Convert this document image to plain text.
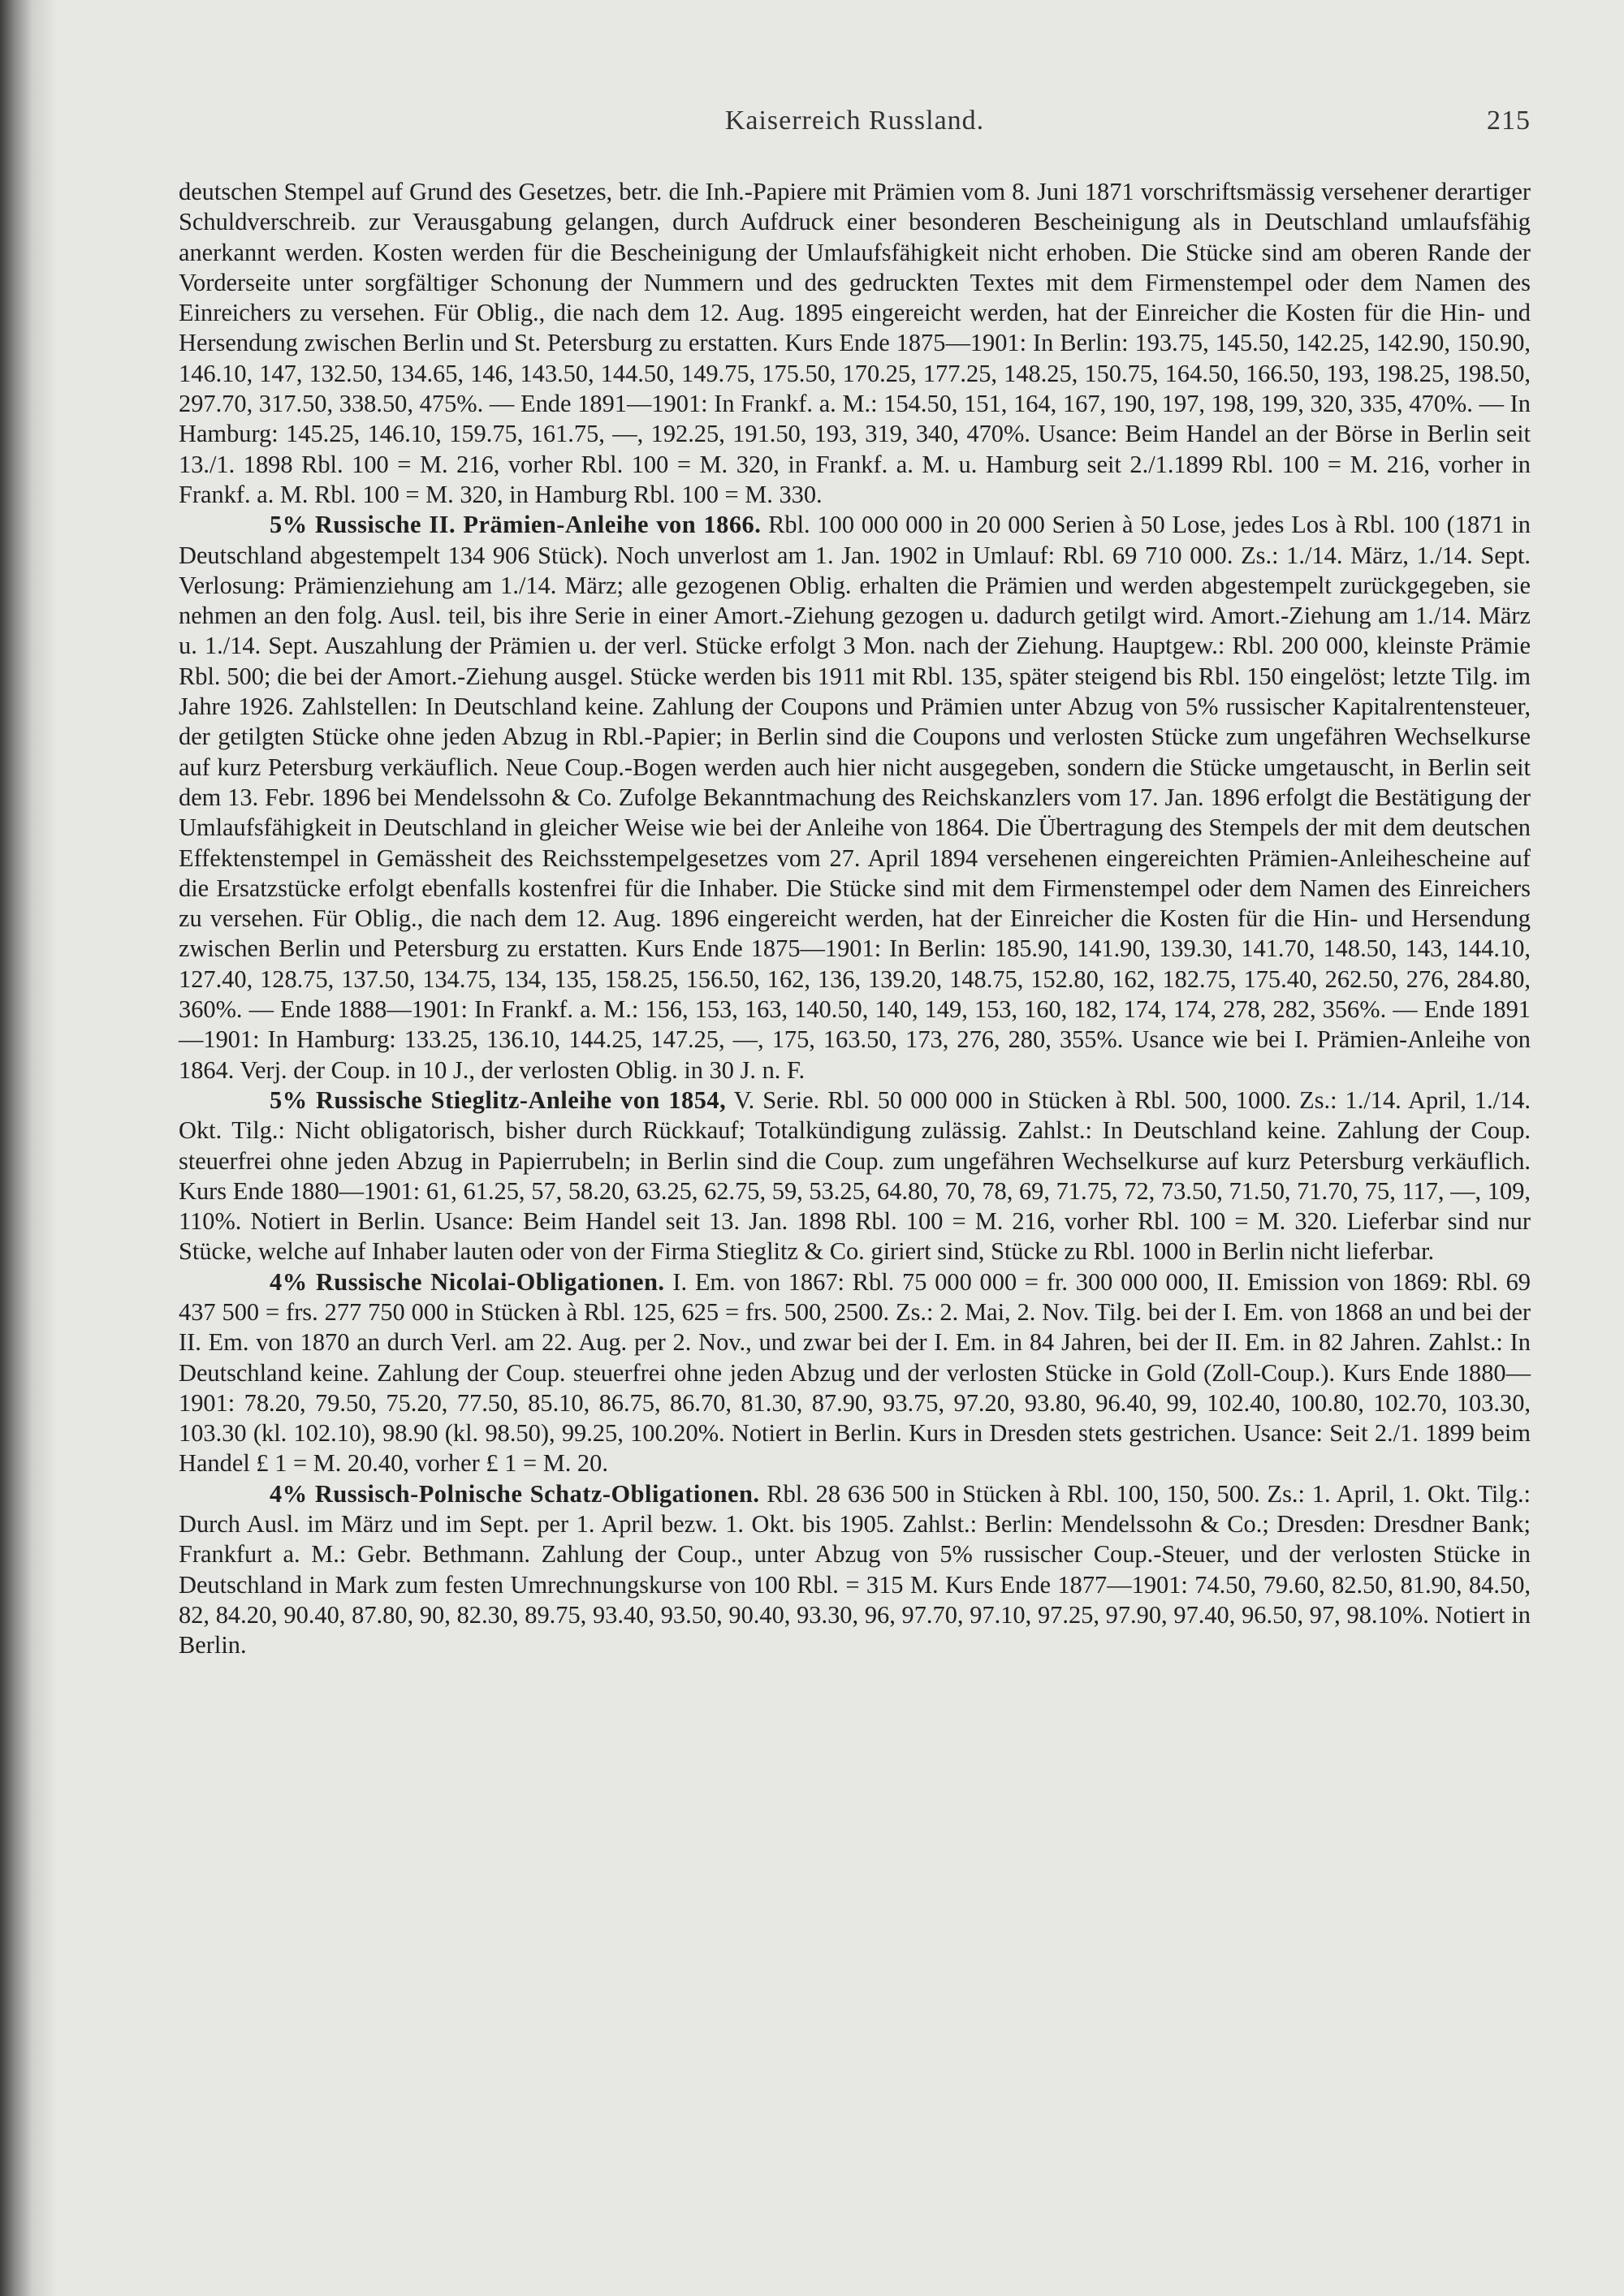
Kaiserreich Russland.	215

deutschen Stempel auf Grund des Gesetzes, betr. die Inh.-Papiere mit Prämien vom 8. Juni 1871 vorschriftsmässig versehener derartiger Schuldverschreib. zur Verausgabung gelangen, durch Aufdruck einer besonderen Bescheinigung als in Deutschland umlaufsfähig anerkannt werden. Kosten werden für die Bescheinigung der Umlaufsfähigkeit nicht erhoben. Die Stücke sind am oberen Rande der Vorderseite unter sorgfältiger Schonung der Nummern und des gedruckten Textes mit dem Firmenstempel oder dem Namen des Einreichers zu versehen. Für Oblig., die nach dem 12. Aug. 1895 eingereicht werden, hat der Einreicher die Kosten für die Hin- und Hersendung zwischen Berlin und St. Petersburg zu erstatten. Kurs Ende 1875—1901: In Berlin: 193.75, 145.50, 142.25, 142.90, 150.90, 146.10, 147, 132.50, 134.65, 146, 143.50, 144.50, 149.75, 175.50, 170.25, 177.25, 148.25, 150.75, 164.50, 166.50, 193, 198.25, 198.50, 297.70, 317.50, 338.50, 475%. — Ende 1891—1901: In Frankf. a. M.: 154.50, 151, 164, 167, 190, 197, 198, 199, 320, 335, 470%. — In Hamburg: 145.25, 146.10, 159.75, 161.75, —, 192.25, 191.50, 193, 319, 340, 470%. Usance: Beim Handel an der Börse in Berlin seit 13./1. 1898 Rbl. 100 = M. 216, vorher Rbl. 100 = M. 320, in Frankf. a. M. u. Hamburg seit 2./1.1899 Rbl. 100 = M. 216, vorher in Frankf. a. M. Rbl. 100 = M. 320, in Hamburg Rbl. 100 = M. 330.

5% Russische II. Prämien-Anleihe von 1866. Rbl. 100 000 000 in 20 000 Serien à 50 Lose, jedes Los à Rbl. 100 (1871 in Deutschland abgestempelt 134 906 Stück). Noch unverlost am 1. Jan. 1902 in Umlauf: Rbl. 69 710 000. Zs.: 1./14. März, 1./14. Sept. Verlosung: Prämienziehung am 1./14. März; alle gezogenen Oblig. erhalten die Prämien und werden abgestempelt zurückgegeben, sie nehmen an den folg. Ausl. teil, bis ihre Serie in einer Amort.-Ziehung gezogen u. dadurch getilgt wird. Amort.-Ziehung am 1./14. März u. 1./14. Sept. Auszahlung der Prämien u. der verl. Stücke erfolgt 3 Mon. nach der Ziehung. Hauptgew.: Rbl. 200 000, kleinste Prämie Rbl. 500; die bei der Amort.-Ziehung ausgel. Stücke werden bis 1911 mit Rbl. 135, später steigend bis Rbl. 150 eingelöst; letzte Tilg. im Jahre 1926. Zahlstellen: In Deutschland keine. Zahlung der Coupons und Prämien unter Abzug von 5% russischer Kapitalrentensteuer, der getilgten Stücke ohne jeden Abzug in Rbl.-Papier; in Berlin sind die Coupons und verlosten Stücke zum ungefähren Wechselkurse auf kurz Petersburg verkäuflich. Neue Coup.-Bogen werden auch hier nicht ausgegeben, sondern die Stücke umgetauscht, in Berlin seit dem 13. Febr. 1896 bei Mendelssohn & Co. Zufolge Bekanntmachung des Reichskanzlers vom 17. Jan. 1896 erfolgt die Bestätigung der Umlaufsfähigkeit in Deutschland in gleicher Weise wie bei der Anleihe von 1864. Die Übertragung des Stempels der mit dem deutschen Effektenstempel in Gemässheit des Reichsstempelgesetzes vom 27. April 1894 versehenen eingereichten Prämien-Anleihescheine auf die Ersatzstücke erfolgt ebenfalls kostenfrei für die Inhaber. Die Stücke sind mit dem Firmenstempel oder dem Namen des Einreichers zu versehen. Für Oblig., die nach dem 12. Aug. 1896 eingereicht werden, hat der Einreicher die Kosten für die Hin- und Hersendung zwischen Berlin und Petersburg zu erstatten. Kurs Ende 1875—1901: In Berlin: 185.90, 141.90, 139.30, 141.70, 148.50, 143, 144.10, 127.40, 128.75, 137.50, 134.75, 134, 135, 158.25, 156.50, 162, 136, 139.20, 148.75, 152.80, 162, 182.75, 175.40, 262.50, 276, 284.80, 360%. — Ende 1888—1901: In Frankf. a. M.: 156, 153, 163, 140.50, 140, 149, 153, 160, 182, 174, 174, 278, 282, 356%. — Ende 1891—1901: In Hamburg: 133.25, 136.10, 144.25, 147.25, —, 175, 163.50, 173, 276, 280, 355%. Usance wie bei I. Prämien-Anleihe von 1864. Verj. der Coup. in 10 J., der verlosten Oblig. in 30 J. n. F.

5% Russische Stieglitz-Anleihe von 1854, V. Serie. Rbl. 50 000 000 in Stücken à Rbl. 500, 1000. Zs.: 1./14. April, 1./14. Okt. Tilg.: Nicht obligatorisch, bisher durch Rückkauf; Totalkündigung zulässig. Zahlst.: In Deutschland keine. Zahlung der Coup. steuerfrei ohne jeden Abzug in Papierrubeln; in Berlin sind die Coup. zum ungefähren Wechselkurse auf kurz Petersburg verkäuflich. Kurs Ende 1880—1901: 61, 61.25, 57, 58.20, 63.25, 62.75, 59, 53.25, 64.80, 70, 78, 69, 71.75, 72, 73.50, 71.50, 71.70, 75, 117, —, 109, 110%. Notiert in Berlin. Usance: Beim Handel seit 13. Jan. 1898 Rbl. 100 = M. 216, vorher Rbl. 100 = M. 320. Lieferbar sind nur Stücke, welche auf Inhaber lauten oder von der Firma Stieglitz & Co. giriert sind, Stücke zu Rbl. 1000 in Berlin nicht lieferbar.

4% Russische Nicolai-Obligationen. I. Em. von 1867: Rbl. 75 000 000 = fr. 300 000 000, II. Emission von 1869: Rbl. 69 437 500 = frs. 277 750 000 in Stücken à Rbl. 125, 625 = frs. 500, 2500. Zs.: 2. Mai, 2. Nov. Tilg. bei der I. Em. von 1868 an und bei der II. Em. von 1870 an durch Verl. am 22. Aug. per 2. Nov., und zwar bei der I. Em. in 84 Jahren, bei der II. Em. in 82 Jahren. Zahlst.: In Deutschland keine. Zahlung der Coup. steuerfrei ohne jeden Abzug und der verlosten Stücke in Gold (Zoll-Coup.). Kurs Ende 1880—1901: 78.20, 79.50, 75.20, 77.50, 85.10, 86.75, 86.70, 81.30, 87.90, 93.75, 97.20, 93.80, 96.40, 99, 102.40, 100.80, 102.70, 103.30, 103.30 (kl. 102.10), 98.90 (kl. 98.50), 99.25, 100.20%. Notiert in Berlin. Kurs in Dresden stets gestrichen. Usance: Seit 2./1. 1899 beim Handel £ 1 = M. 20.40, vorher £ 1 = M. 20.

4% Russisch-Polnische Schatz-Obligationen. Rbl. 28 636 500 in Stücken à Rbl. 100, 150, 500. Zs.: 1. April, 1. Okt. Tilg.: Durch Ausl. im März und im Sept. per 1. April bezw. 1. Okt. bis 1905. Zahlst.: Berlin: Mendelssohn & Co.; Dresden: Dresdner Bank; Frankfurt a. M.: Gebr. Bethmann. Zahlung der Coup., unter Abzug von 5% russischer Coup.-Steuer, und der verlosten Stücke in Deutschland in Mark zum festen Umrechnungskurse von 100 Rbl. = 315 M. Kurs Ende 1877—1901: 74.50, 79.60, 82.50, 81.90, 84.50, 82, 84.20, 90.40, 87.80, 90, 82.30, 89.75, 93.40, 93.50, 90.40, 93.30, 96, 97.70, 97.10, 97.25, 97.90, 97.40, 96.50, 97, 98.10%. Notiert in Berlin.
